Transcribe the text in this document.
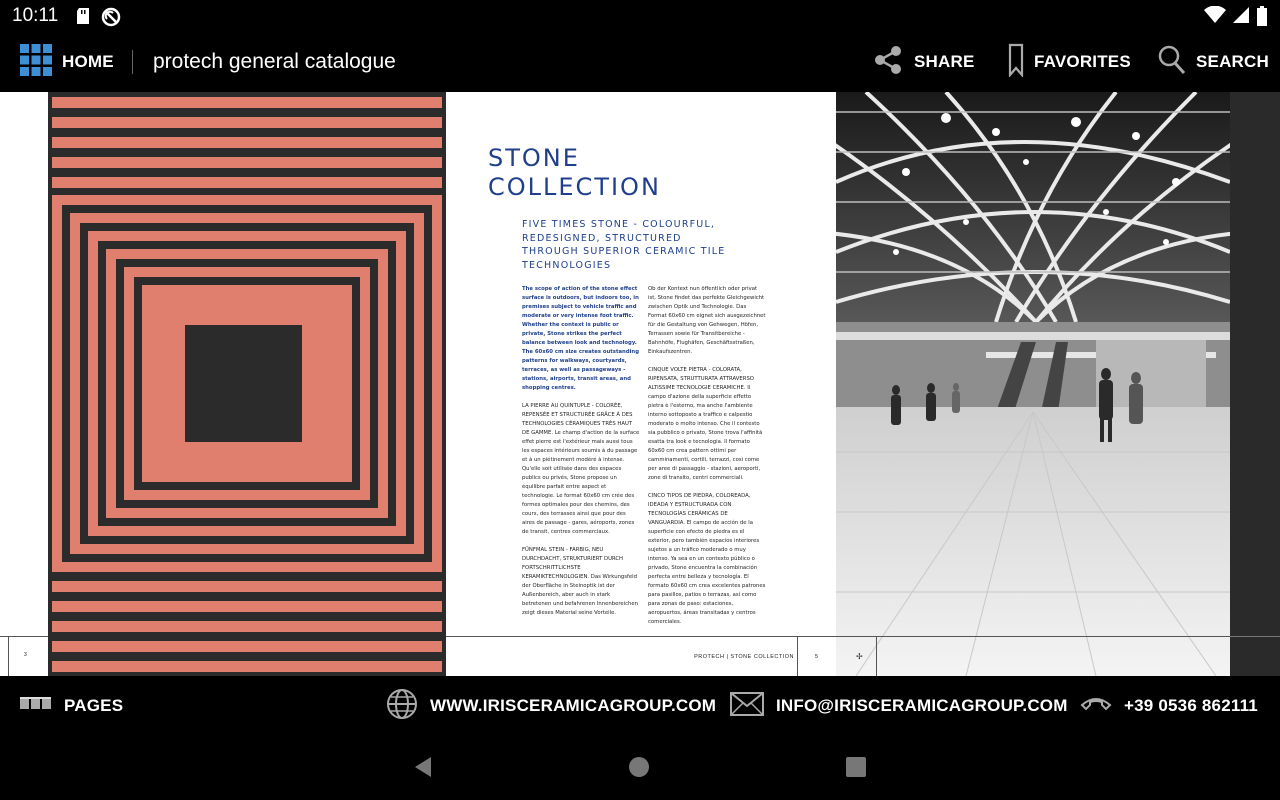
10:11
HOME protech general catalogue	SHARE	FAVORITES	SEARCH
3
STONE
COLLECTION
FIVE TIMES STONE - COLOURFUL, REDESIGNED, STRUCTURED THROUGH SUPERIOR CERAMIC TILE TECHNOLOGIES

The scope of action of the stone effect surface is outdoors, but indoors too, in premises subject to vehicle traffic and moderate or very intense foot traffic. Whether the context is public or private, Stone strikes the perfect balance between look and technology. The 60x60 cm size creates outstanding patterns for walkways, courtyards, terraces, as well as passageways - stations, airports, transit areas, and shopping centres.

LA PIERRE AU QUINTUPLE - COLORÉE, REPENSÉE ET STRUCTURÉE GRÂCE À DES TECHNOLOGIES CÉRAMIQUES TRÈS HAUT DE GAMME. Le champ d'action de la surface effet pierre est l'extérieur mais aussi tous les espaces intérieurs soumis à du passage et à un piétinement modéré à intense. Qu'elle soit utilisée dans des espaces publics ou privés, Stone propose un équilibre parfait entre aspect et technologie. Le format 60x60 cm crée des formes optimales pour des chemins, des cours, des terrasses ainsi que pour des aires de passage - gares, aéroports, zones de transit, centres commerciaux.

FÜNFMAL STEIN - FARBIG, NEU DURCHDACHT, STRUKTURIERT DURCH FORTSCHRITTLICHSTE KERAMIKTECHNOLOGIEN. Das Wirkungsfeld der Oberfläche in Steinoptik ist der Außenbereich, aber auch in stark betretenen und befahrenen Innenbereichen zeigt dieses Material seine Vorteile.

Ob der Kontext nun öffentlich oder privat ist, Stone findet das perfekte Gleichgewicht zwischen Optik und Technologie. Das Format 60x60 cm eignet sich ausgezeichnet für die Gestaltung von Gehwegen, Höfen, Terrassen sowie für Transitbereiche - Bahnhöfe, Flughäfen, Geschäftsstraßen, Einkaufszentren.

CINQUE VOLTE PIETRA - COLORATA, RIPENSATA, STRUTTURATA ATTRAVERSO ALTISSIME TECNOLOGIE CERAMICHE. Il campo d'azione della superficie effetto pietra è l'esterno, ma anche l'ambiente interno sottoposto a traffico e calpestio moderato o molto intenso. Che il contesto sia pubblico o privato, Stone trova l'affinità esatta tra look e tecnologia. Il formato 60x60 cm crea pattern ottimi per camminamenti, cortili, terrazzi, così come per aree di passaggio - stazioni, aeroporti, zone di transito, centri commerciali.

CINCO TIPOS DE PIEDRA, COLOREADA, IDEADA Y ESTRUCTURADA CON TECNOLOGÍAS CERÁMICAS DE VANGUARDIA. El campo de acción de la superficie con efecto de piedra es el exterior, pero también espacios interiores sujetos a un tráfico moderado o muy intenso. Ya sea en un contexto público o privado, Stone encuentra la combinación perfecta entre belleza y tecnología. El formato 60x60 cm crea excelentes patrones para pasillos, patios o terrazas, así como para zonas de paso: estaciones, aeropuertos, áreas transitadas y centros comerciales.

PROTECH | STONE COLLECTION	5	✢
PAGES	WWW.IRISCERAMICAGROUP.COM	INFO@IRISCERAMICAGROUP.COM	+39 0536 862111
